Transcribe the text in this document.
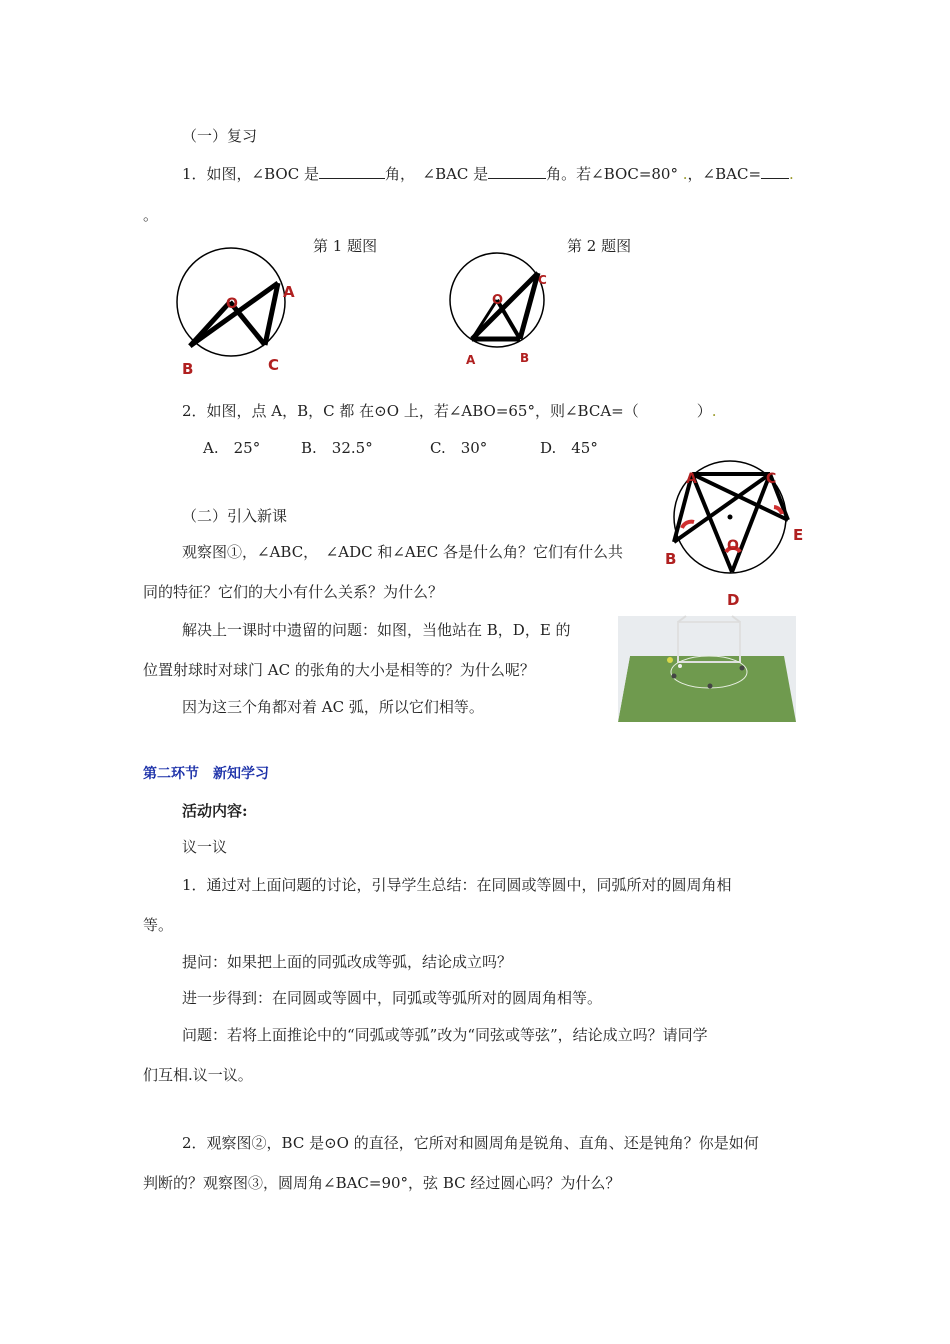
（一）复习
1．如图，∠BOC 是	角，　 ∠BAC 是	角。若∠BOC=80° .，∠BAC= .
。
第 1 题图	第 2 题图
O
A
B	C
O
A	B
C
2．如图，点 A，B，C 都 在⊙O 上，若∠ABO=65°，则∠BCA=（	）.
A.　25°	B.　32.5°	C.　30°	D.　45°
A	C
E
B
O
D
（二）引入新课
观察图①，∠ABC，　∠ADC 和∠AEC 各是什么角？它们有什么共
同的特征？它们的大小有什么关系？为什么？
解决上一课时中遗留的问题：如图，当他站在 B，D，E 的
位置射球时对球门 AC 的张角的大小是相等的？为什么呢？
因为这三个角都对着 AC 弧，所以它们相等。
第二环节　新知学习
活动内容:
议一议
1．通过对上面问题的讨论，引导学生总结：在同圆或等圆中，同弧所对的圆周角相
等。
提问：如果把上面的同弧改成等弧，结论成立吗？
进一步得到：在同圆或等圆中，同弧或等弧所对的圆周角相等。
问题：若将上面推论中的“同弧或等弧”改为“同弦或等弦”，结论成立吗？请同学
们互相.议一议。
2．观察图②，BC 是⊙O 的直径，它所对和圆周角是锐角、直角、还是钝角？你是如何
判断的？观察图③，圆周角∠BAC=90°，弦 BC 经过圆心吗？为什么？
